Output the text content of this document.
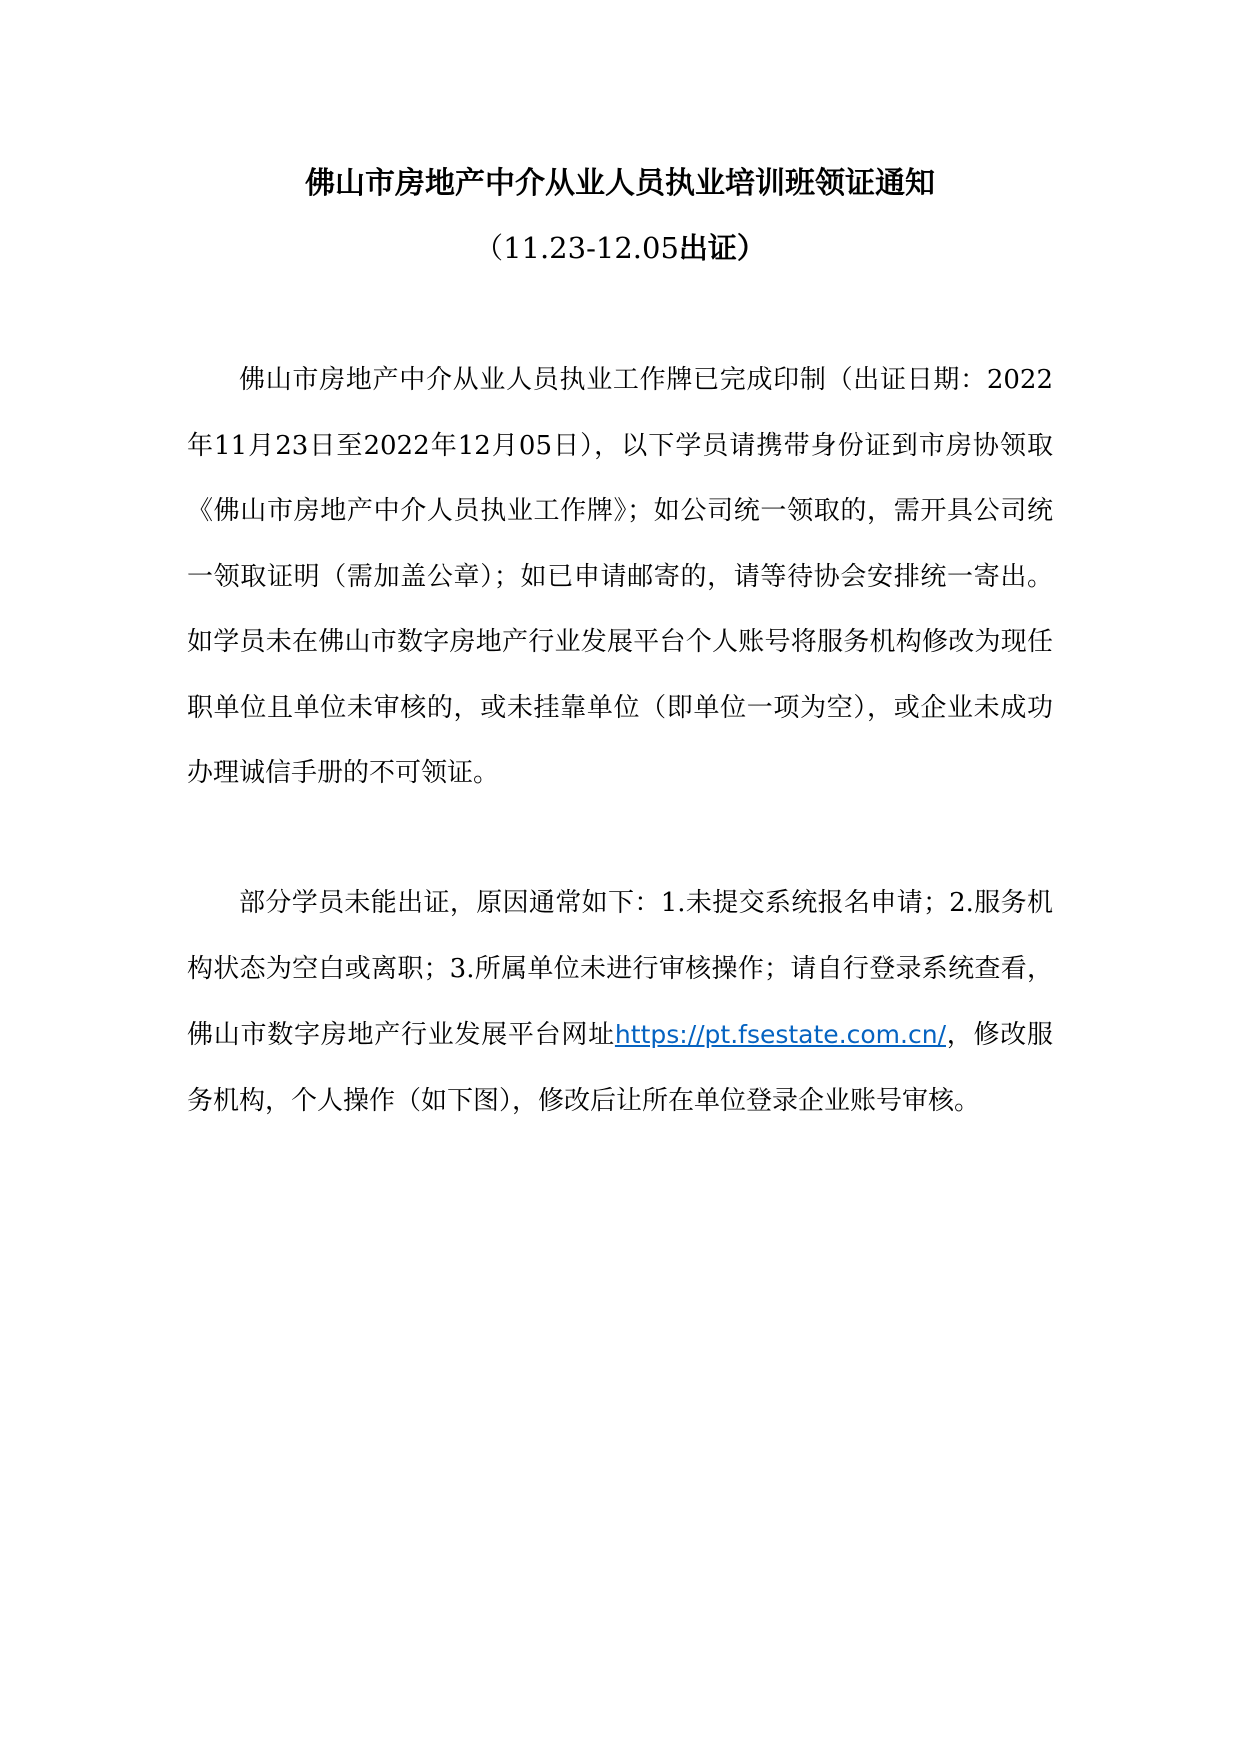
佛山市房地产中介从业人员执业培训班领证通知
（11.23-12.05出证）

佛山市房地产中介从业人员执业工作牌已完成印制（出证日期：2022年11月23日至2022年12月05日），以下学员请携带身份证到市房协领取《佛山市房地产中介人员执业工作牌》；如公司统一领取的，需开具公司统一领取证明（需加盖公章）；如已申请邮寄的，请等待协会安排统一寄出。如学员未在佛山市数字房地产行业发展平台个人账号将服务机构修改为现任职单位且单位未审核的，或未挂靠单位（即单位一项为空），或企业未成功办理诚信手册的不可领证。

部分学员未能出证，原因通常如下：1.未提交系统报名申请；2.服务机构状态为空白或离职；3.所属单位未进行审核操作；请自行登录系统查看，佛山市数字房地产行业发展平台网址https://pt.fsestate.com.cn/，修改服务机构，个人操作（如下图），修改后让所在单位登录企业账号审核。
